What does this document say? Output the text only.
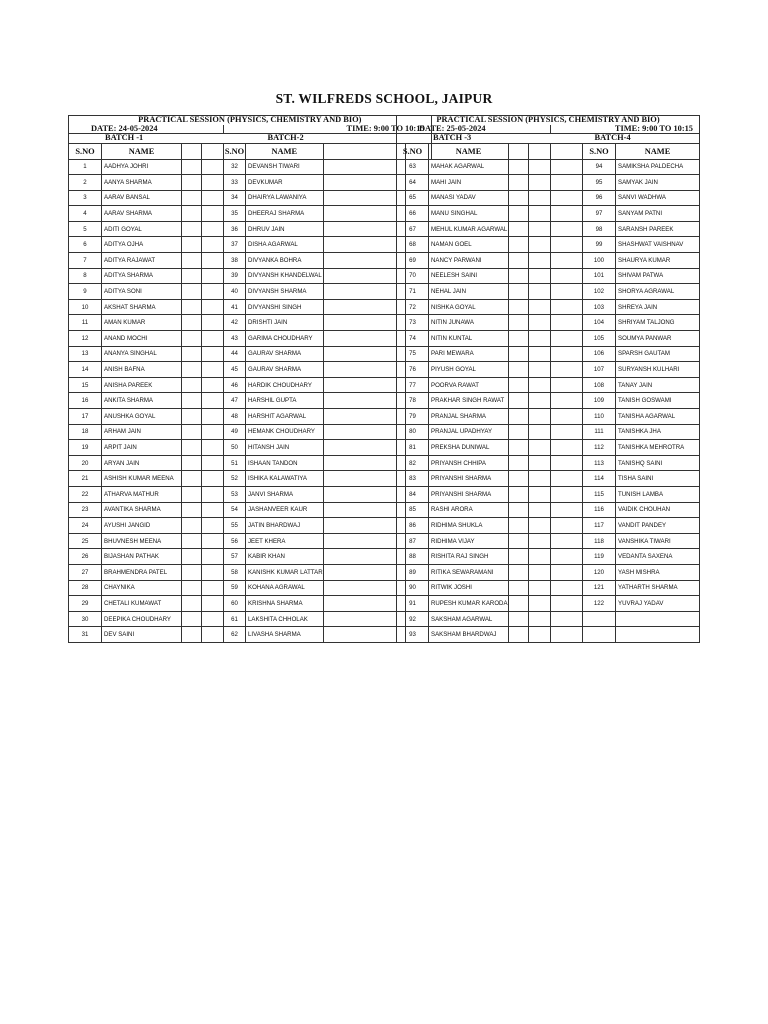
ST. WILFREDS SCHOOL, JAIPUR
PRACTICAL SESSION (PHYSICS, CHEMISTRY AND BIO)							
DATE: 24-05-2024				TIME: 9:00 TO 10:15			
BATCH -1				BATCH-2			
S.NO	NAME			S.NO	NAME		
1	AADHYA JOHRI			32	DEVANSH TIWARI		
2	AANYA SHARMA			33	DEVKUMAR		
3	AARAV BANSAL			34	DHAIRYA LAWANIYA		
4	AARAV SHARMA			35	DHEERAJ SHARMA		
5	ADITI GOYAL			36	DHRUV JAIN		
6	ADITYA OJHA			37	DISHA AGARWAL		
7	ADITYA RAJAWAT			38	DIVYANKA BOHRA		
8	ADITYA SHARMA			39	DIVYANSH KHANDELWAL		
9	ADITYA SONI			40	DIVYANSH SHARMA		
10	AKSHAT SHARMA			41	DIVYANSHI SINGH		
11	AMAN KUMAR			42	DRISHTI JAIN		
12	ANAND MOCHI			43	GARIMA CHOUDHARY		
13	ANANYA SINGHAL			44	GAURAV SHARMA		
14	ANISH BAFNA			45	GAURAV SHARMA		
15	ANISHA PAREEK			46	HARDIK CHOUDHARY		
16	ANKITA SHARMA			47	HARSHIL GUPTA		
17	ANUSHKA GOYAL			48	HARSHIT AGARWAL		
18	ARHAM JAIN			49	HEMANK CHOUDHARY		
19	ARPIT JAIN			50	HITANSH JAIN		
20	ARYAN JAIN			51	ISHAAN TANDON		
21	ASHISH KUMAR MEENA			52	ISHIKA KALAWATIYA		
22	ATHARVA MATHUR			53	JANVI SHARMA		
23	AVANTIKA SHARMA			54	JASHANVEER KAUR		
24	AYUSHI JANGID			55	JATIN BHARDWAJ		
25	BHUVNESH MEENA			56	JEET KHERA		
26	BIJASHAN PATHAK			57	KABIR KHAN		
27	BRAHMENDRA PATEL			58	KANISHK KUMAR LATTAR		
28	CHAYNIKA			59	KOHANA AGRAWAL		
29	CHETALI KUMAWAT			60	KRISHNA SHARMA		
30	DEEPIKA CHOUDHARY			61	LAKSHITA CHHOLAK		
31	DEV SAINI			62	LIVASHA SHARMA		
PRACTICAL SESSION (PHYSICS, CHEMISTRY AND BIO)						
DATE: 25-05-2024				TIME: 9:00 TO 10:15		
BATCH -3				BATCH-4		
S.NO	NAME				S.NO	NAME
63	MAHAK AGARWAL				94	SAMIKSHA PALDECHA
64	MAHI JAIN				95	SAMYAK JAIN
65	MANASI YADAV				96	SANVI WADHWA
66	MANU SINGHAL				97	SANYAM PATNI
67	MEHUL KUMAR AGARWAL				98	SARANSH PAREEK
68	NAMAN GOEL				99	SHASHWAT VAISHNAV
69	NANCY PARWANI				100	SHAURYA KUMAR
70	NEELESH SAINI				101	SHIVAM PATWA
71	NEHAL JAIN				102	SHORYA AGRAWAL
72	NISHKA GOYAL				103	SHREYA JAIN
73	NITIN JUNAWA				104	SHRIYAM TALJONG
74	NITIN KUNTAL				105	SOUMYA PANWAR
75	PARI MEWARA				106	SPARSH GAUTAM
76	PIYUSH GOYAL				107	SURYANSH KULHARI
77	POORVA RAWAT				108	TANAY JAIN
78	PRAKHAR SINGH RAWAT				109	TANISH GOSWAMI
79	PRANJAL SHARMA				110	TANISHA AGARWAL
80	PRANJAL UPADHYAY				111	TANISHKA JHA
81	PREKSHA DUNIWAL				112	TANISHKA MEHROTRA
82	PRIYANSH CHHIPA				113	TANISHQ SAINI
83	PRIYANSHI SHARMA				114	TISHA SAINI
84	PRIYANSHI SHARMA				115	TUNISH LAMBA
85	RASHI ARORA				116	VAIDIK CHOUHAN
86	RIDHIMA SHUKLA				117	VANDIT PANDEY
87	RIDHIMA VIJAY				118	VANSHIKA TIWARI
88	RISHITA RAJ SINGH				119	VEDANTA SAXENA
89	RITIKA SEWARAMANI				120	YASH MISHRA
90	RITWIK JOSHI				121	YATHARTH SHARMA
91	RUPESH KUMAR KARODA				122	YUVRAJ YADAV
92	SAKSHAM AGARWAL					
93	SAKSHAM BHARDWAJ					
